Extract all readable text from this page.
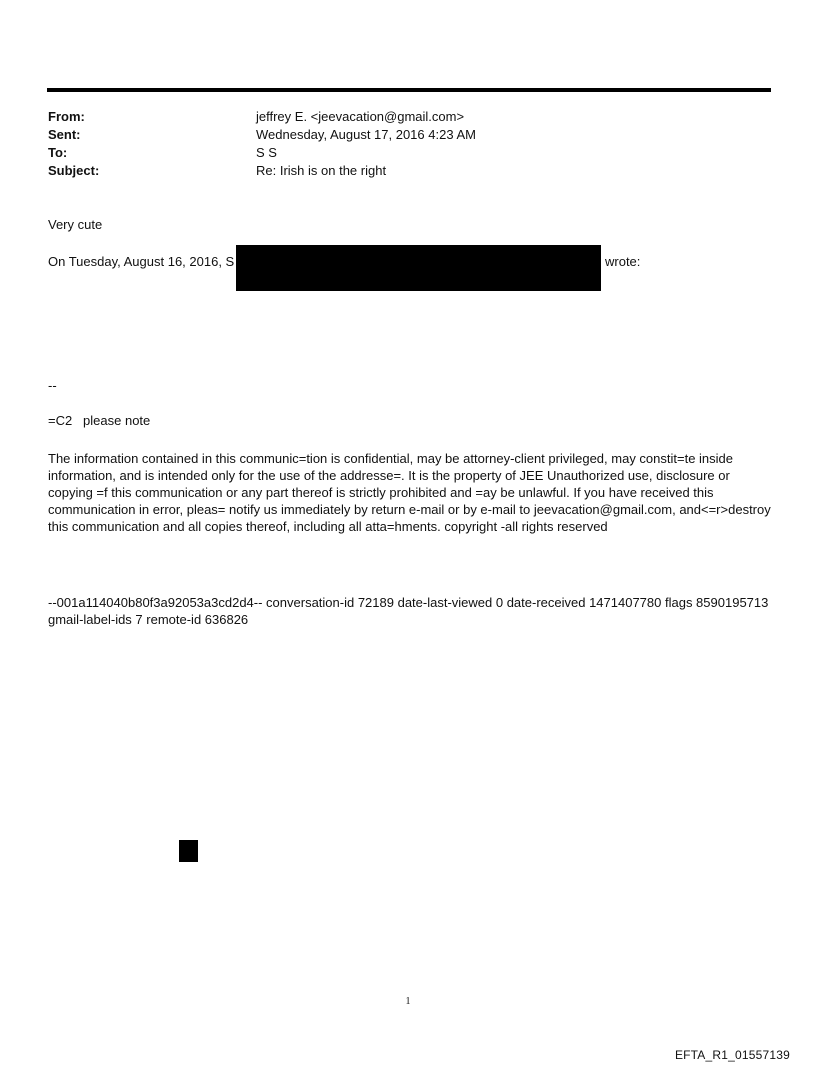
From:	jeffrey E. <jeevacation@gmail.com>
Sent:	Wednesday, August 17, 2016 4:23 AM
To:	S S
Subject:	Re: Irish is on the right
Very cute
On Tuesday, August 16, 2016, S	wrote:
--
=C2   please note
The information contained in this communic=tion is confidential, may be attorney-client privileged, may constit=te inside information, and is intended only for the use of the addresse=. It is the property of JEE Unauthorized use, disclosure or copying =f this communication or any part thereof is strictly prohibited and =ay be unlawful. If you have received this communication in error, pleas= notify us immediately by return e-mail or by e-mail to jeevacation@gmail.com, and<=r>destroy this communication and all copies thereof, including all atta=hments. copyright -all rights reserved
--001a114040b80f3a92053a3cd2d4-- conversation-id 72189 date-last-viewed 0 date-received 1471407780 flags 8590195713 gmail-label-ids 7 remote-id 636826
1
EFTA_R1_01557139
